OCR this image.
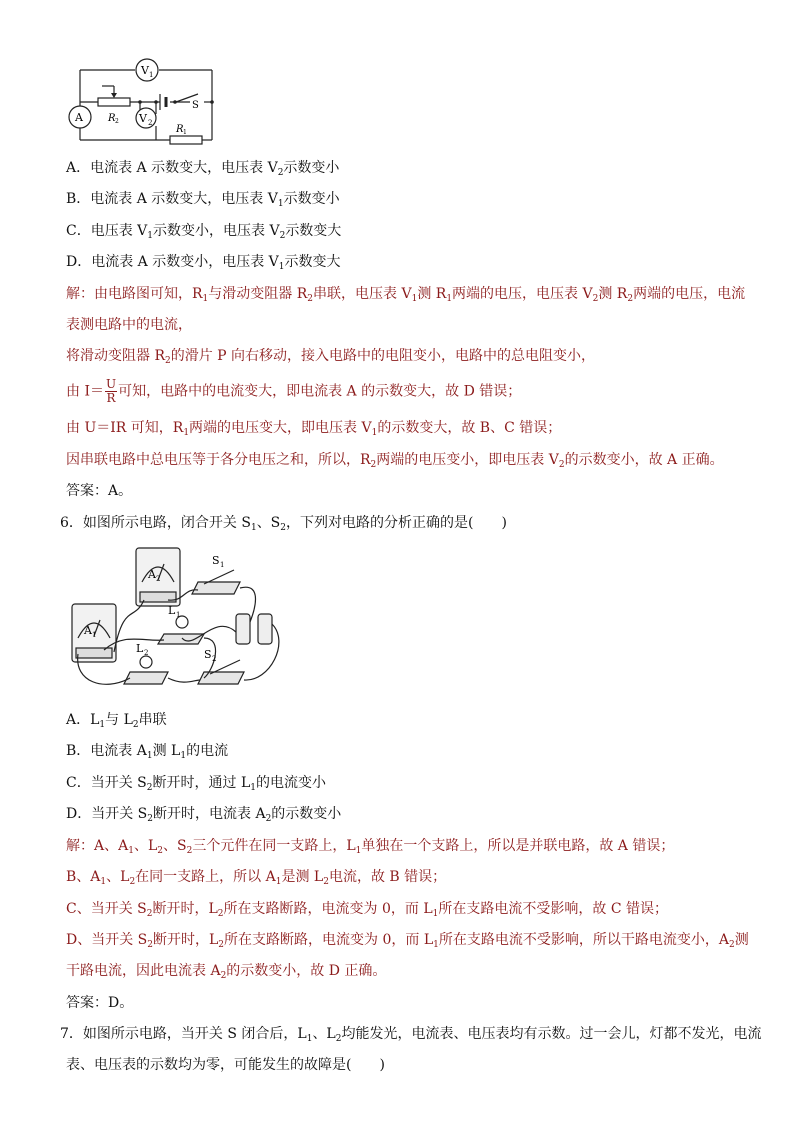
V 1
A	V 2
R 2
R 1
S
A．电流表 A 示数变大，电压表 $V_2$示数变小
B．电流表 A 示数变大，电压表 $V_1$示数变小
C．电压表 $V_1$示数变小，电压表 $V_2$示数变大
D．电流表 A 示数变小，电压表 $V_1$示数变大
解：由电路图可知，$R_1$与滑动变阻器 $R_2$串联，电压表 $V_1$测 $R_1$两端的电压，电压表 $V_2$测 $R_2$两端的电压，电流
表测电路中的电流，
将滑动变阻器 $R_2$的滑片 P 向右移动，接入电路中的电阻变小，电路中的总电阻变小，
由 $I= \frac{U}{R}$ 可知，电路中的电流变大，即电流表 A 的示数变大，故 D 错误；
由 U＝IR 可知，$R_1$两端的电压变大，即电压表 $V_1$的示数变大，故 B、C 错误；
因串联电路中总电压等于各分电压之和，所以，$R_2$两端的电压变小，即电压表 $V_2$的示数变小，故 A 正确。
答案：A。
6．如图所示电路，闭合开关 $S_1$、$S_2$，下列对电路的分析正确的是(　　)
A 2
A 1
S 1
L 1
S 2
L 2
A．$L_1$与 $L_2$串联
B．电流表 $A_1$测 $L_1$的电流
C．当开关 $S_2$断开时，通过 $L_1$的电流变小
D．当开关 $S_2$断开时，电流表 $A_2$的示数变小
解：A、$A_1$、$L_2$、$S_2$三个元件在同一支路上，$L_1$单独在一个支路上，所以是并联电路，故 A 错误；
B、$A_1$、$L_2$在同一支路上，所以 $A_1$是测 $L_2$电流，故 B 错误；
C、当开关 $S_2$断开时，$L_2$所在支路断路，电流变为 0，而 $L_1$所在支路电流不受影响，故 C 错误；
D、当开关 $S_2$断开时，$L_2$所在支路断路，电流变为 0，而 $L_1$所在支路电流不受影响，所以干路电流变小，$A_2$测
干路电流，因此电流表 $A_2$的示数变小，故 D 正确。
答案：D。
7．如图所示电路，当开关 S 闭合后，$L_1$、$L_2$均能发光，电流表、电压表均有示数。过一会儿，灯都不发光，电流
表、电压表的示数均为零，可能发生的故障是(　　)
